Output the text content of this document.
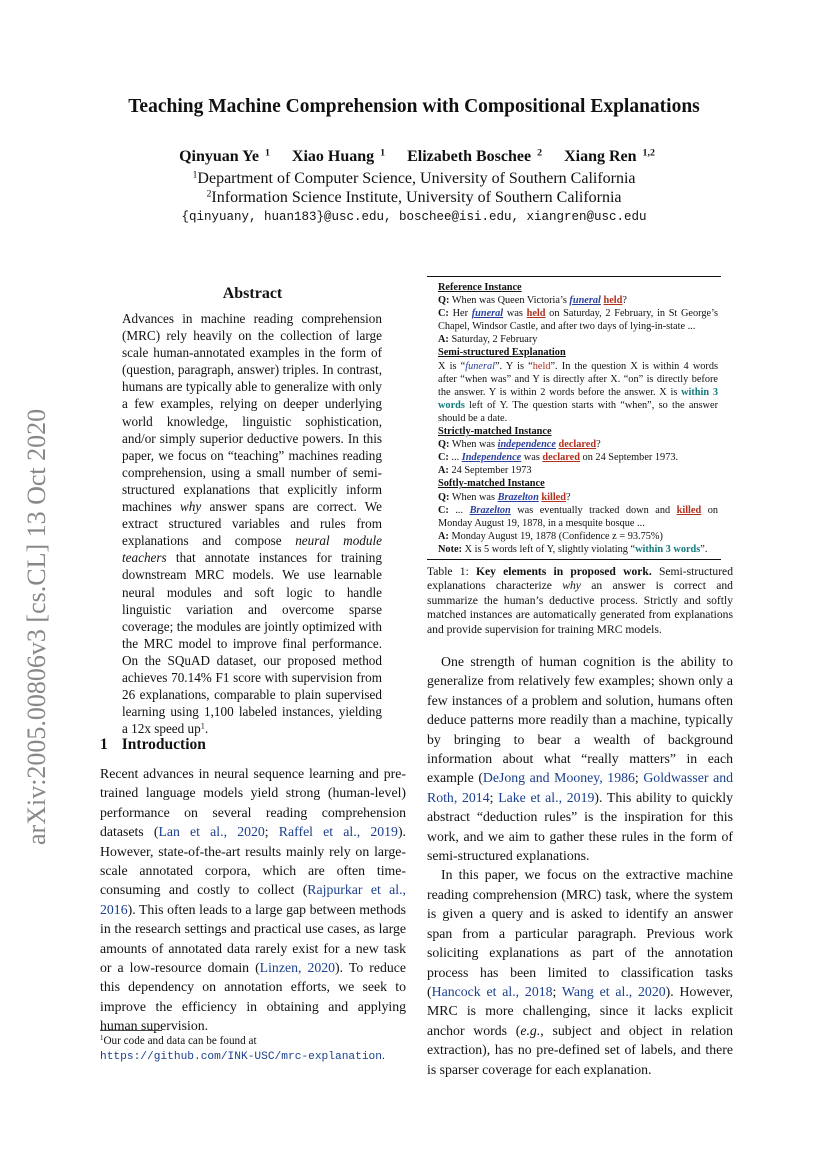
arXiv:2005.00806v3 [cs.CL] 13 Oct 2020
Teaching Machine Comprehension with Compositional Explanations
Qinyuan Ye $^1$ Xiao Huang $^1$ Elizabeth Boschee $^2$ Xiang Ren $^{1,2}$
$^1$Department of Computer Science, University of Southern California
$^2$Information Science Institute, University of Southern California
{qinyuany, huan183}@usc.edu, boschee@isi.edu, xiangren@usc.edu
Abstract
Advances in machine reading comprehension (MRC) rely heavily on the collection of large scale human-annotated examples in the form of (question, paragraph, answer) triples. In contrast, humans are typically able to generalize with only a few examples, relying on deeper underlying world knowledge, linguistic sophistication, and/or simply superior deductive powers. In this paper, we focus on “teaching” machines reading comprehension, using a small number of semi-structured explanations that explicitly inform machines why answer spans are correct. We extract structured variables and rules from explanations and compose neural module teachers that annotate instances for training downstream MRC models. We use learnable neural modules and soft logic to handle linguistic variation and overcome sparse coverage; the modules are jointly optimized with the MRC model to improve final performance. On the SQuAD dataset, our proposed method achieves 70.14% F1 score with supervision from 26 explanations, comparable to plain supervised learning using 1,100 labeled instances, yielding a 12x speed $up^1$.
1 Introduction
Recent advances in neural sequence learning and pre-trained language models yield strong (human-level) performance on several reading comprehension datasets (Lan et al., 2020; Raffel et al., 2019). However, state-of-the-art results mainly rely on large-scale annotated corpora, which are often time-consuming and costly to collect (Rajpurkar et al., 2016). This often leads to a large gap between methods in the research settings and practical use cases, as large amounts of annotated data rarely exist for a new task or a low-resource domain (Linzen, 2020). To reduce this dependency on annotation efforts, we seek to improve the efficiency in obtaining and applying human supervision.
$^1$Our code and data can be found at https://github.com/INK-USC/mrc-explanation.
Reference Instance
Q: When was Queen Victoria’s funeral held?
C: Her funeral was held on Saturday, 2 February, in St George’s Chapel, Windsor Castle, and after two days of lying-in-state ...
A: Saturday, 2 February
Semi-structured Explanation
X is “funeral”. Y is “held”. In the question X is within 4 words after “when was” and Y is directly after X. “on” is directly before the answer. Y is within 2 words before the answer. X is within 3 words left of Y. The question starts with “when”, so the answer should be a date.
Strictly-matched Instance
Q: When was independence declared?
C: ... Independence was declared on 24 September 1973.
A: 24 September 1973
Softly-matched Instance
Q: When was Brazelton killed?
C: ... Brazelton was eventually tracked down and killed on Monday August 19, 1878, in a mesquite bosque ...
A: Monday August 19, 1878 (Confidence z = 93.75%)
Note: X is 5 words left of Y, slightly violating “within 3 words”.
Table 1: Key elements in proposed work. Semi-structured explanations characterize why an answer is correct and summarize the human’s deductive process. Strictly and softly matched instances are automatically generated from explanations and provide supervision for training MRC models.

One strength of human cognition is the ability to generalize from relatively few examples; shown only a few instances of a problem and solution, humans often deduce patterns more readily than a machine, typically by bringing to bear a wealth of background information about what “really matters” in each example (DeJong and Mooney, 1986; Goldwasser and Roth, 2014; Lake et al., 2019). This ability to quickly abstract “deduction rules” is the inspiration for this work, and we aim to gather these rules in the form of semi-structured explanations.

In this paper, we focus on the extractive machine reading comprehension (MRC) task, where the system is given a query and is asked to identify an answer span from a particular paragraph. Previous work soliciting explanations as part of the annotation process has been limited to classification tasks (Hancock et al., 2018; Wang et al., 2020). However, MRC is more challenging, since it lacks explicit anchor words (e.g., subject and object in relation extraction), has no pre-defined set of labels, and there is sparser coverage for each explanation.
